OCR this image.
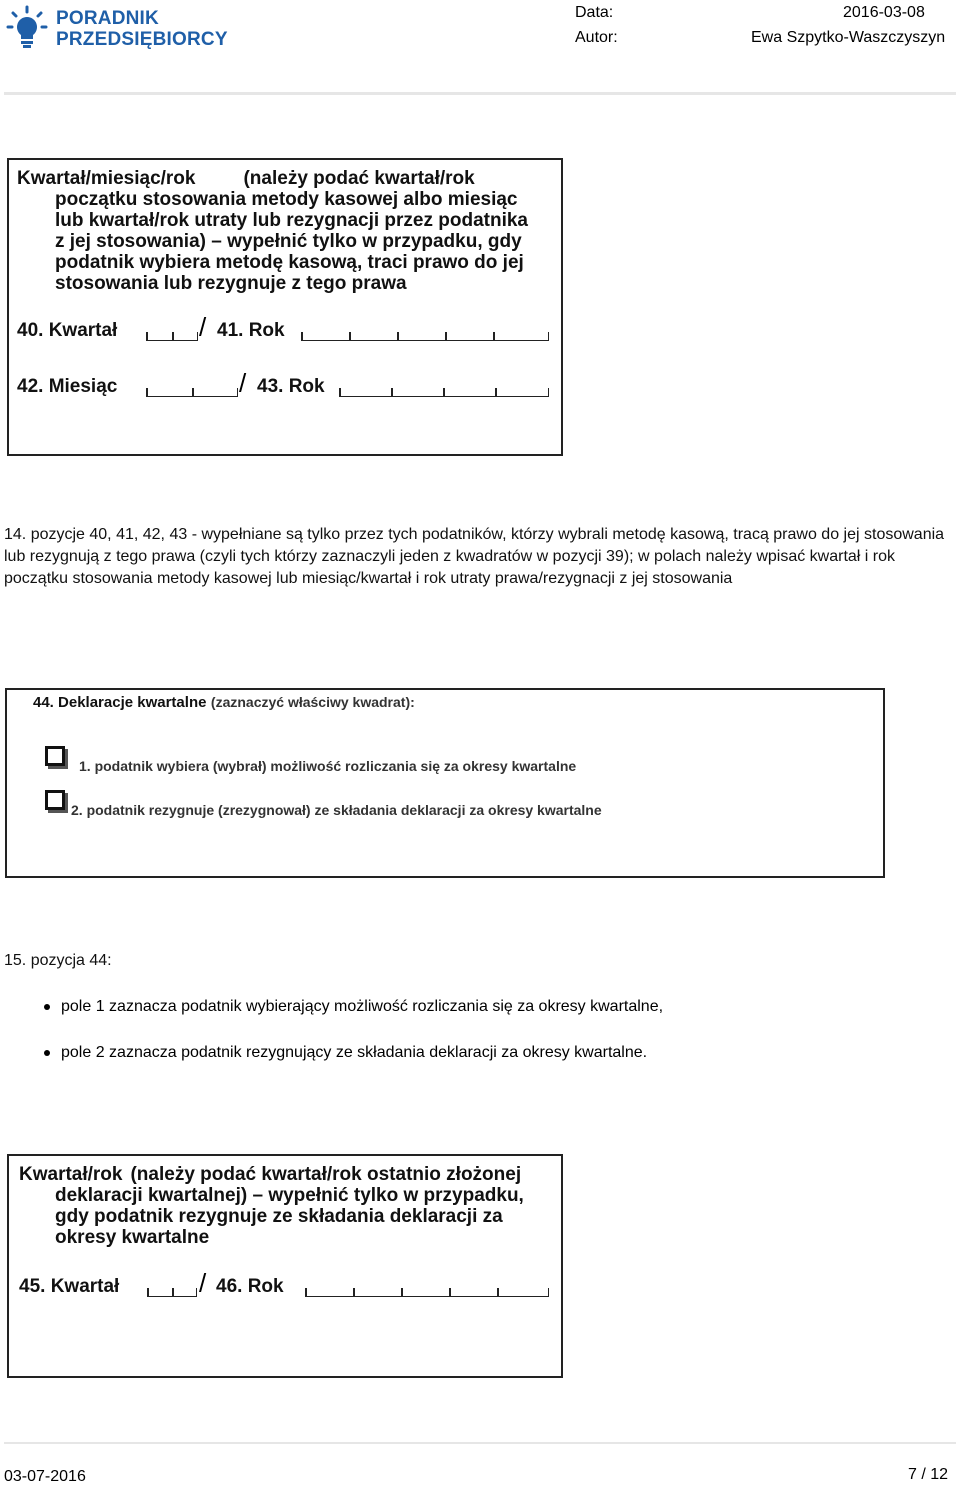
PORADNIK
PRZEDSIĘBIORCY
Data:	2016-03-08
Autor:	Ewa Szpytko-Waszczyszyn
Kwartał/miesiąc/rok	(należy podać kwartał/rok
początku stosowania metody kasowej albo miesiąc
lub kwartał/rok utraty lub rezygnacji przez podatnika
z jej stosowania) – wypełnić tylko w przypadku, gdy
podatnik wybiera metodę kasową, traci prawo do jej
stosowania lub rezygnuje z tego prawa
40. Kwartał	/ 41. Rok
42. Miesiąc	/ 43. Rok
14. pozycje 40, 41, 42, 43 - wypełniane są tylko przez tych podatników, którzy wybrali metodę kasową, tracą prawo do jej stosowania lub rezygnują z tego prawa (czyli tych którzy zaznaczyli jeden z kwadratów w pozycji 39); w polach należy wpisać kwartał i rok początku stosowania metody kasowej lub miesiąc/kwartał i rok utraty prawa/rezygnacji z jej stosowania
44. Deklaracje kwartalne (zaznaczyć właściwy kwadrat):
1. podatnik wybiera (wybrał) możliwość rozliczania się za okresy kwartalne
2. podatnik rezygnuje (zrezygnował) ze składania deklaracji za okresy kwartalne
15. pozycja 44:
pole 1 zaznacza podatnik wybierający możliwość rozliczania się za okresy kwartalne,
pole 2 zaznacza podatnik rezygnujący ze składania deklaracji za okresy kwartalne.
Kwartał/rok (należy podać kwartał/rok ostatnio złożonej
deklaracji kwartalnej) – wypełnić tylko w przypadku,
gdy podatnik rezygnuje ze składania deklaracji za
okresy kwartalne
45. Kwartał	/ 46. Rok
03-07-2016	7 / 12
